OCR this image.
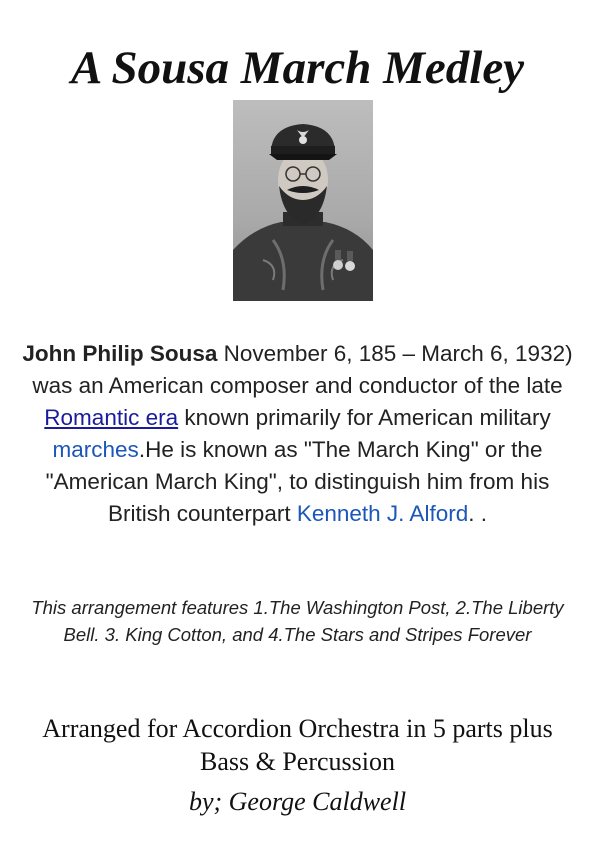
A Sousa March Medley

John Philip Sousa November 6, 185 – March 6, 1932) was an American composer and conductor of the late Romantic era known primarily for American military marches.He is known as "The March King" or the "American March King", to distinguish him from his British counterpart Kenneth J. Alford. .

This arrangement features 1.The Washington Post, 2.The Liberty Bell. 3. King Cotton, and 4.The Stars and Stripes Forever

Arranged for Accordion Orchestra in 5 parts plus Bass & Percussion

by; George Caldwell
